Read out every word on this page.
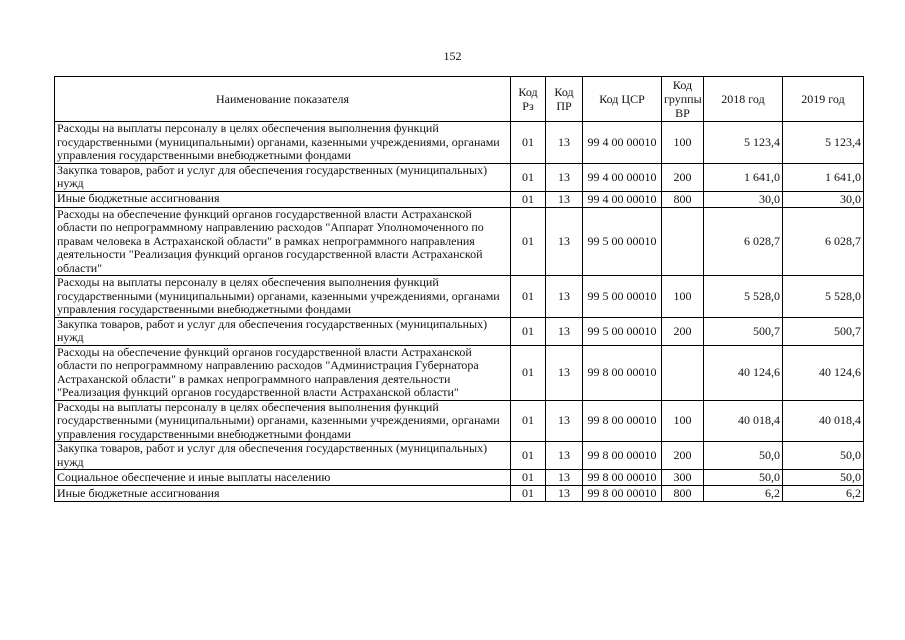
152
Наименование показателя	Код Рз	Код ПР	Код ЦСР	Код группы ВР	2018 год	2019 год
Расходы на выплаты персоналу в целях обеспечения выполнения функций государственными (муниципальными) органами, казенными учреждениями, органами управления государственными внебюджетными фондами	01	13	99 4 00 00010	100	5 123,4	5 123,4
Закупка товаров, работ и услуг для обеспечения государственных (муниципальных) нужд	01	13	99 4 00 00010	200	1 641,0	1 641,0
Иные бюджетные ассигнования	01	13	99 4 00 00010	800	30,0	30,0
Расходы на обеспечение функций органов государственной власти Астраханской области по непрограммному направлению расходов "Аппарат Уполномоченного по правам человека в Астраханской области" в рамках непрограммного направления деятельности "Реализация функций органов государственной власти Астраханской области"	01	13	99 5 00 00010		6 028,7	6 028,7
Расходы на выплаты персоналу в целях обеспечения выполнения функций государственными (муниципальными) органами, казенными учреждениями, органами управления государственными внебюджетными фондами	01	13	99 5 00 00010	100	5 528,0	5 528,0
Закупка товаров, работ и услуг для обеспечения государственных (муниципальных) нужд	01	13	99 5 00 00010	200	500,7	500,7
Расходы на обеспечение функций органов государственной власти Астраханской области по непрограммному направлению расходов "Администрация Губернатора Астраханской области" в рамках непрограммного направления деятельности "Реализация функций органов государственной власти Астраханской области"	01	13	99 8 00 00010		40 124,6	40 124,6
Расходы на выплаты персоналу в целях обеспечения выполнения функций государственными (муниципальными) органами, казенными учреждениями, органами управления государственными внебюджетными фондами	01	13	99 8 00 00010	100	40 018,4	40 018,4
Закупка товаров, работ и услуг для обеспечения государственных (муниципальных) нужд	01	13	99 8 00 00010	200	50,0	50,0
Социальное обеспечение и иные выплаты населению	01	13	99 8 00 00010	300	50,0	50,0
Иные бюджетные ассигнования	01	13	99 8 00 00010	800	6,2	6,2
